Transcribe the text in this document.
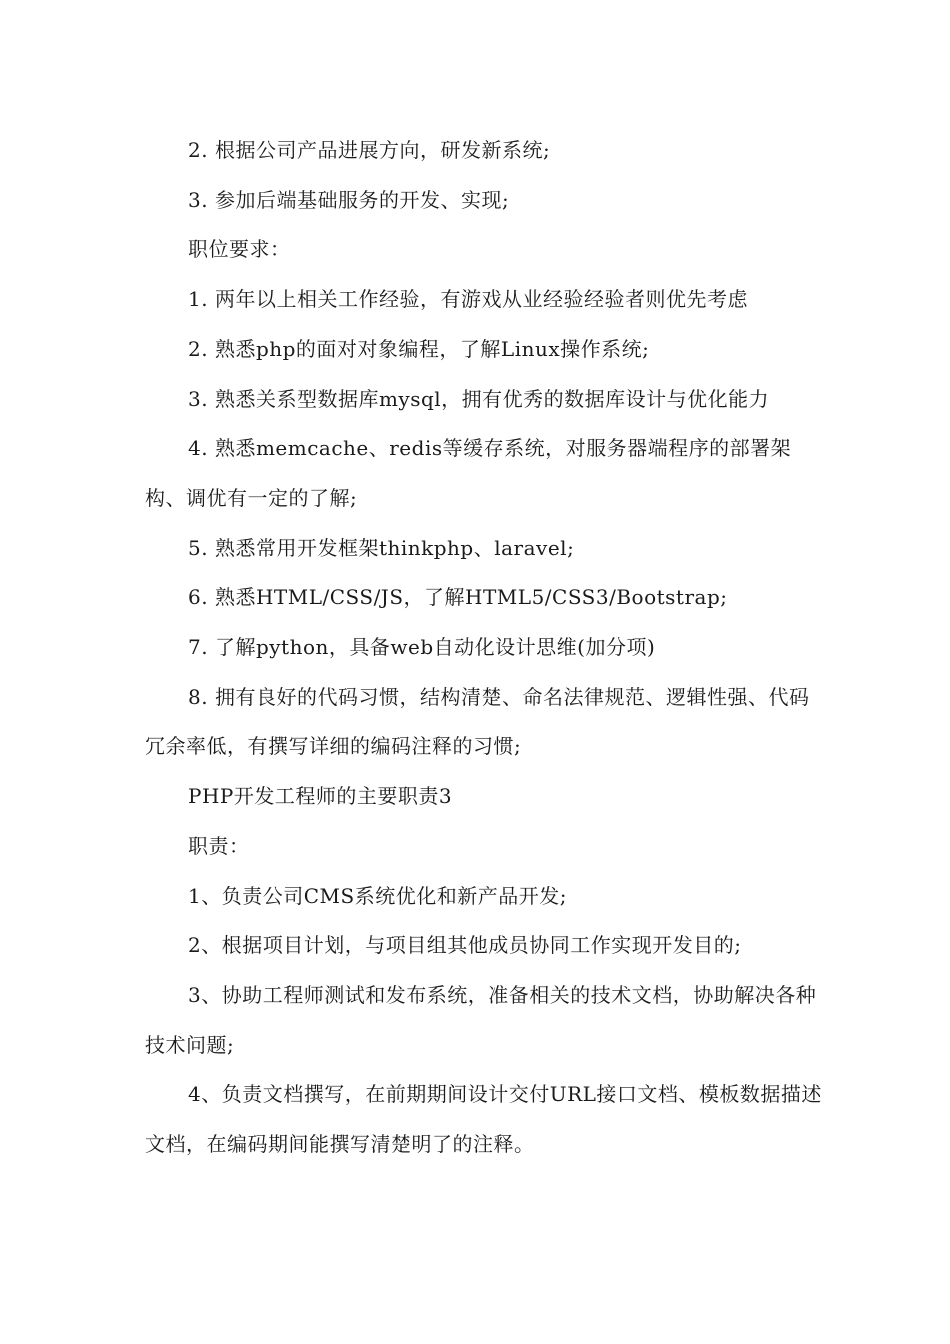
2. 根据公司产品进展方向，研发新系统;

3. 参加后端基础服务的开发、实现;

职位要求：

1. 两年以上相关工作经验，有游戏从业经验经验者则优先考虑

2. 熟悉php的面对对象编程，了解Linux操作系统;

3. 熟悉关系型数据库mysql，拥有优秀的数据库设计与优化能力

4. 熟悉memcache、redis等缓存系统，对服务器端程序的部署架构、调优有一定的了解;

5. 熟悉常用开发框架thinkphp、laravel;

6. 熟悉HTML/CSS/JS，了解HTML5/CSS3/Bootstrap;

7. 了解python，具备web自动化设计思维(加分项)

8. 拥有良好的代码习惯，结构清楚、命名法律规范、逻辑性强、代码冗余率低，有撰写详细的编码注释的习惯;

PHP开发工程师的主要职责3

职责：

1、负责公司CMS系统优化和新产品开发;

2、根据项目计划，与项目组其他成员协同工作实现开发目的;

3、协助工程师测试和发布系统，准备相关的技术文档，协助解决各种技术问题;

4、负责文档撰写，在前期期间设计交付URL接口文档、模板数据描述文档，在编码期间能撰写清楚明了的注释。
